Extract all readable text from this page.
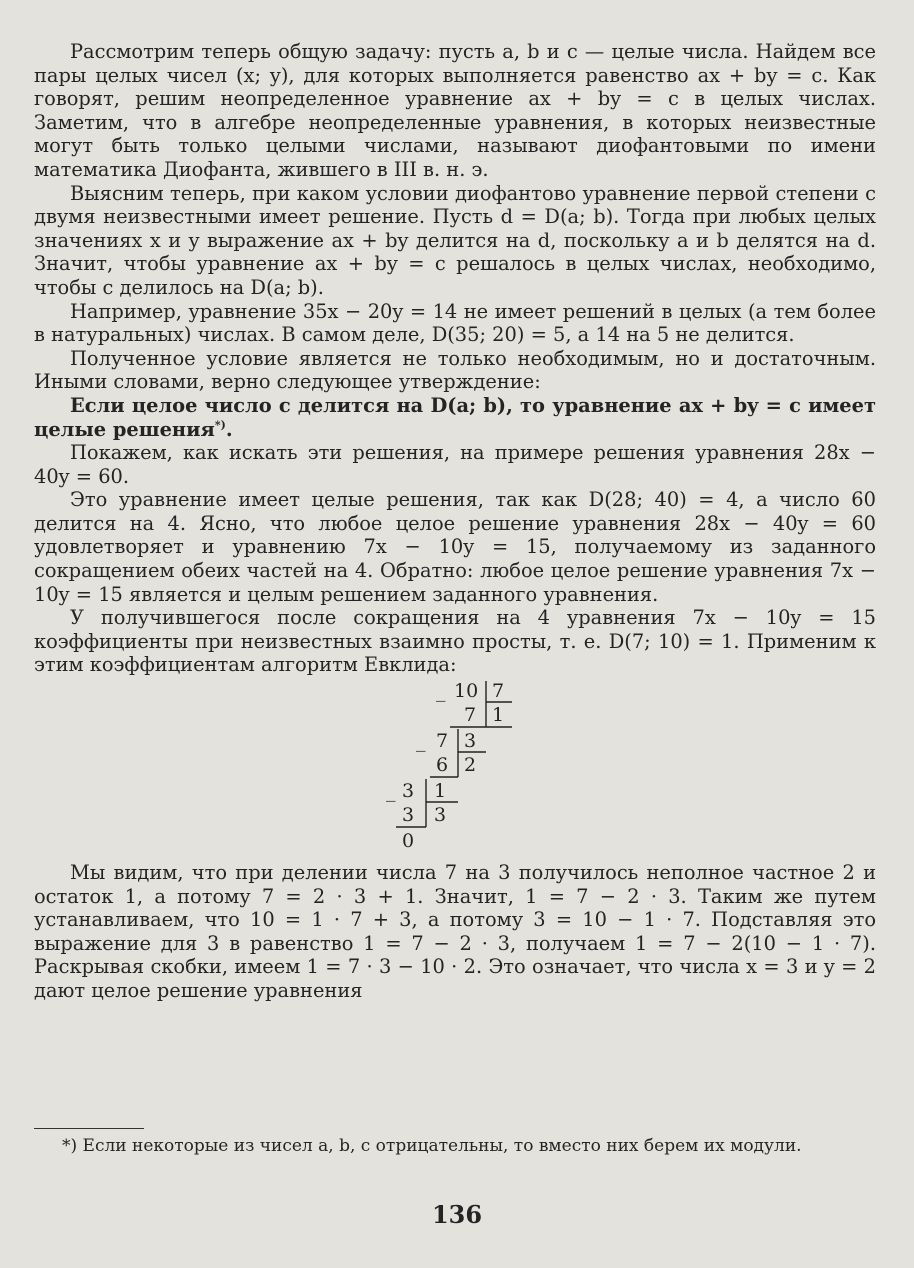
Рассмотрим теперь общую задачу: пусть a, b и c — целые числа. Найдем все пары целых чисел (x; y), для которых выполняется равенство ax + by = c. Как говорят, решим неопределенное уравнение ax + by = c в целых числах. Заметим, что в алгебре неопределенные уравнения, в которых неизвестные могут быть только целыми числами, называют диофантовыми по имени математика Диофанта, жившего в III в. н. э.

Выясним теперь, при каком условии диофантово уравнение первой степени с двумя неизвестными имеет решение. Пусть d = D(a; b). Тогда при любых целых значениях x и y выражение ax + by делится на d, поскольку a и b делятся на d. Значит, чтобы уравнение ax + by = c решалось в целых числах, необходимо, чтобы c делилось на D(a; b).

Например, уравнение 35x − 20y = 14 не имеет решений в целых (а тем более в натуральных) числах. В самом деле, D(35; 20) = 5, а 14 на 5 не делится.

Полученное условие является не только необходимым, но и достаточным. Иными словами, верно следующее утверждение:

Если целое число c делится на D(a; b), то уравнение ax + by = c имеет целые решения*).

Покажем, как искать эти решения, на примере решения уравнения 28x − 40y = 60.

Это уравнение имеет целые решения, так как D(28; 40) = 4, а число 60 делится на 4. Ясно, что любое целое решение уравнения 28x − 40y = 60 удовлетворяет и уравнению 7x − 10y = 15, получаемому из заданного сокращением обеих частей на 4. Обратно: любое целое решение уравнения 7x − 10y = 15 является и целым решением заданного уравнения.

У получившегося после сокращения на 4 уравнения 7x − 10y = 15 коэффициенты при неизвестных взаимно просты, т. е. D(7; 10) = 1. Применим к этим коэффициентам алгоритм Евклида:

_ 10 7
7 1
_ 7 3
6 2
_ 3 1
3 3
0

Мы видим, что при делении числа 7 на 3 получилось неполное частное 2 и остаток 1, а потому 7 = 2 · 3 + 1. Значит, 1 = 7 − 2 · 3. Таким же путем устанавливаем, что 10 = 1 · 7 + 3, а потому 3 = 10 − 1 · 7. Подставляя это выражение для 3 в равенство 1 = 7 − 2 · 3, получаем 1 = 7 − 2(10 − 1 · 7). Раскрывая скобки, имеем 1 = 7 · 3 − 10 · 2. Это означает, что числа x = 3 и y = 2 дают целое решение уравнения

*) Если некоторые из чисел a, b, c отрицательны, то вместо них берем их модули.

136
